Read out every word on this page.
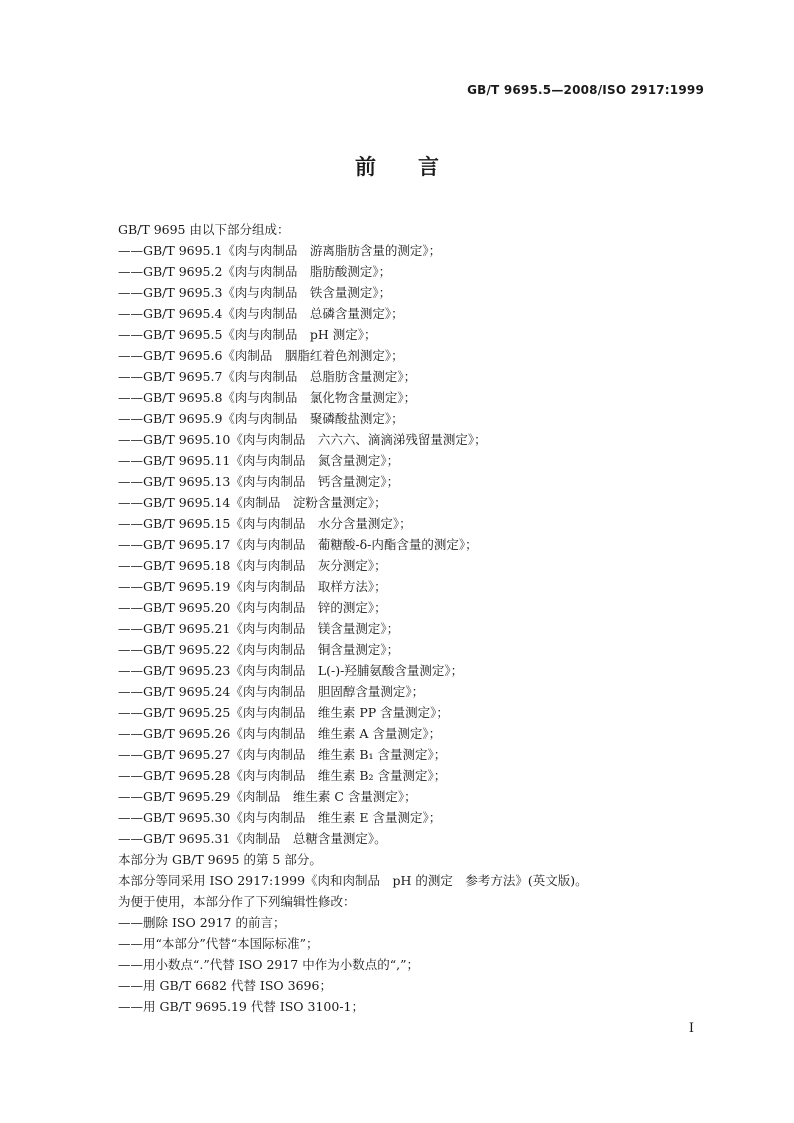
GB/T 9695.5—2008/ISO 2917:1999
前　　言
GB/T 9695 由以下部分组成：
——GB/T 9695.1《肉与肉制品　游离脂肪含量的测定》；
——GB/T 9695.2《肉与肉制品　脂肪酸测定》；
——GB/T 9695.3《肉与肉制品　铁含量测定》；
——GB/T 9695.4《肉与肉制品　总磷含量测定》；
——GB/T 9695.5《肉与肉制品　pH 测定》；
——GB/T 9695.6《肉制品　胭脂红着色剂测定》；
——GB/T 9695.7《肉与肉制品　总脂肪含量测定》；
——GB/T 9695.8《肉与肉制品　氯化物含量测定》；
——GB/T 9695.9《肉与肉制品　聚磷酸盐测定》；
——GB/T 9695.10《肉与肉制品　六六六、滴滴涕残留量测定》；
——GB/T 9695.11《肉与肉制品　氮含量测定》；
——GB/T 9695.13《肉与肉制品　钙含量测定》；
——GB/T 9695.14《肉制品　淀粉含量测定》；
——GB/T 9695.15《肉与肉制品　水分含量测定》；
——GB/T 9695.17《肉与肉制品　葡糖酸-δ-内酯含量的测定》；
——GB/T 9695.18《肉与肉制品　灰分测定》；
——GB/T 9695.19《肉与肉制品　取样方法》；
——GB/T 9695.20《肉与肉制品　锌的测定》；
——GB/T 9695.21《肉与肉制品　镁含量测定》；
——GB/T 9695.22《肉与肉制品　铜含量测定》；
——GB/T 9695.23《肉与肉制品　L(-)-羟脯氨酸含量测定》；
——GB/T 9695.24《肉与肉制品　胆固醇含量测定》；
——GB/T 9695.25《肉与肉制品　维生素 PP 含量测定》；
——GB/T 9695.26《肉与肉制品　维生素 A 含量测定》；
——GB/T 9695.27《肉与肉制品　维生素 B₁ 含量测定》；
——GB/T 9695.28《肉与肉制品　维生素 B₂ 含量测定》；
——GB/T 9695.29《肉制品　维生素 C 含量测定》；
——GB/T 9695.30《肉与肉制品　维生素 E 含量测定》；
——GB/T 9695.31《肉制品　总糖含量测定》。
本部分为 GB/T 9695 的第 5 部分。
本部分等同采用 ISO 2917:1999《肉和肉制品　pH 的测定　参考方法》(英文版)。
为便于使用，本部分作了下列编辑性修改：
——删除 ISO 2917 的前言；
——用“本部分”代替“本国际标准”；
——用小数点“.”代替 ISO 2917 中作为小数点的“,”；
——用 GB/T 6682 代替 ISO 3696；
——用 GB/T 9695.19 代替 ISO 3100-1；
I
